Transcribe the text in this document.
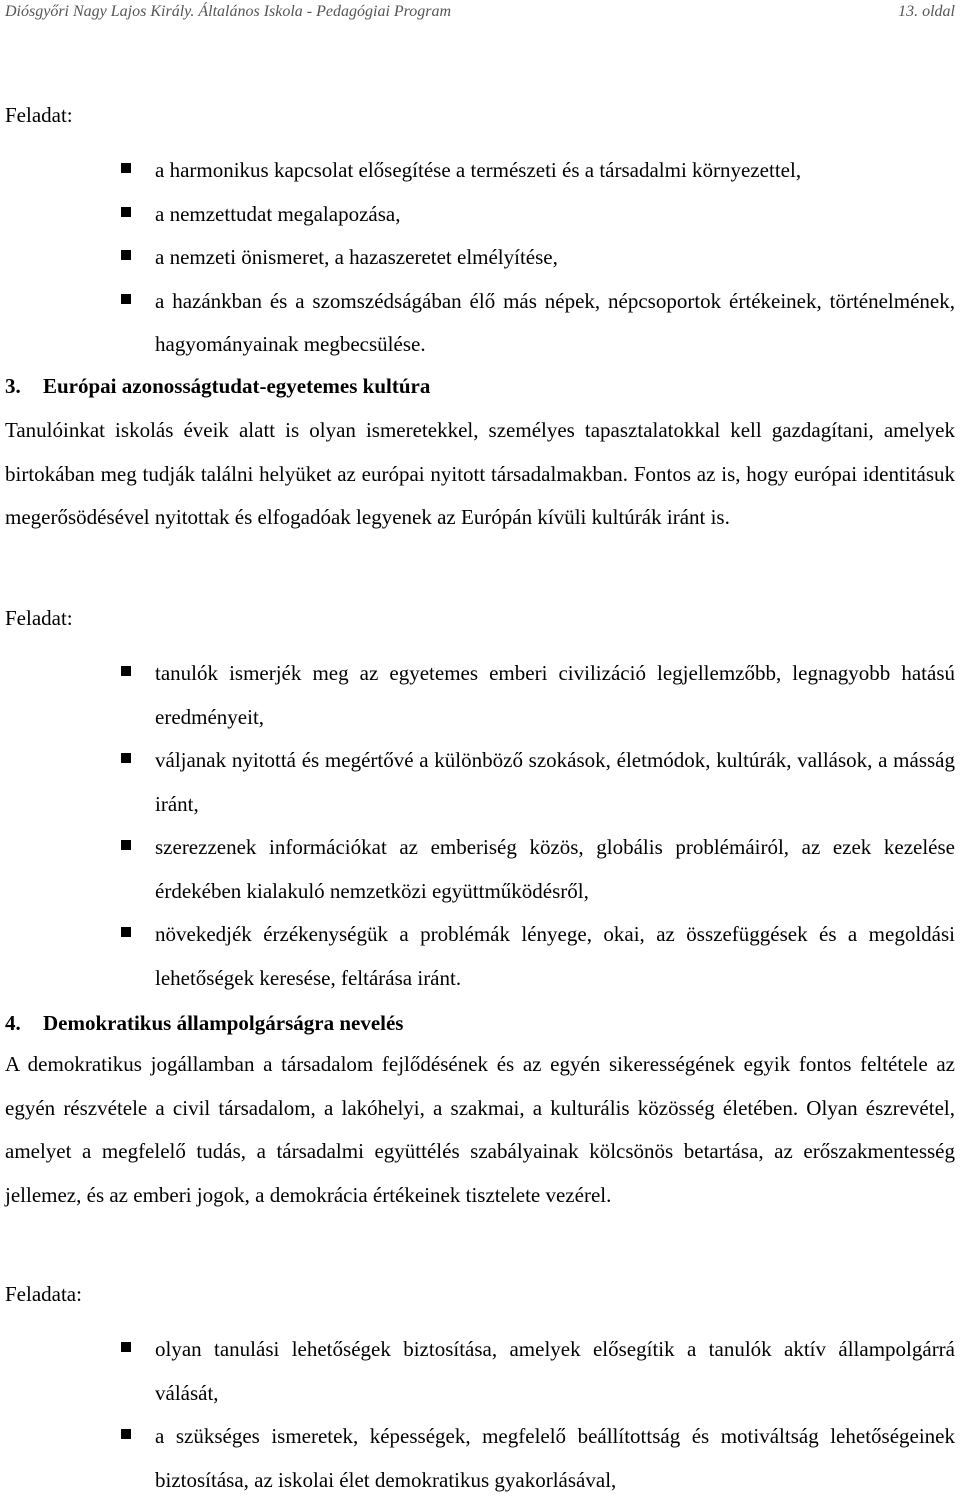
Diósgyőri Nagy Lajos Király. Általános Iskola - Pedagógiai Program	13. oldal
Feladat:
a harmonikus kapcsolat elősegítése a természeti és a társadalmi környezettel,
a nemzettudat megalapozása,
a nemzeti önismeret, a hazaszeretet elmélyítése,
a hazánkban és a szomszédságában élő más népek, népcsoportok értékeinek, történelmének, hagyományainak megbecsülése.
3. Európai azonosságtudat-egyetemes kultúra
Tanulóinkat iskolás éveik alatt is olyan ismeretekkel, személyes tapasztalatokkal kell gazdagítani, amelyek birtokában meg tudják találni helyüket az európai nyitott társadalmakban. Fontos az is, hogy európai identitásuk megerősödésével nyitottak és elfogadóak legyenek az Európán kívüli kultúrák iránt is.
Feladat:
tanulók ismerjék meg az egyetemes emberi civilizáció legjellemzőbb, legnagyobb hatású eredményeit,
váljanak nyitottá és megértővé a különböző szokások, életmódok, kultúrák, vallások, a másság iránt,
szerezzenek információkat az emberiség közös, globális problémáiról, az ezek kezelése érdekében kialakuló nemzetközi együttműködésről,
növekedjék érzékenységük a problémák lényege, okai, az összefüggések és a megoldási lehetőségek keresése, feltárása iránt.
4. Demokratikus állampolgárságra nevelés
A demokratikus jogállamban a társadalom fejlődésének és az egyén sikerességének egyik fontos feltétele az egyén részvétele a civil társadalom, a lakóhelyi, a szakmai, a kulturális közösség életében. Olyan észrevétel, amelyet a megfelelő tudás, a társadalmi együttélés szabályainak kölcsönös betartása, az erőszakmentesség jellemez, és az emberi jogok, a demokrácia értékeinek tisztelete vezérel.
Feladata:
olyan tanulási lehetőségek biztosítása, amelyek elősegítik a tanulók aktív állampolgárrá válását,
a szükséges ismeretek, képességek, megfelelő beállítottság és motiváltság lehetőségeinek biztosítása, az iskolai élet demokratikus gyakorlásával,
